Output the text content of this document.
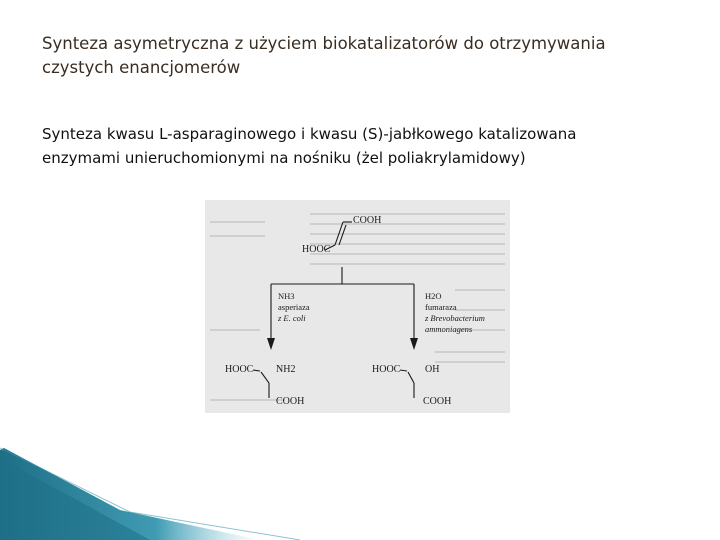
Synteza asymetryczna z użyciem biokatalizatorów do otrzymywania
czystych enancjomerów

Synteza kwasu L-asparaginowego i kwasu (S)-jabłkowego katalizowana
enzymami unieruchomionymi na nośniku (żel poliakrylamidowy)

COOH
HOOC
NH3
asperiaza
z E. coli
H2O
fumaraza
z Brevobacterium
ammoniagens
HOOC NH2
COOH
HOOC OH
COOH
